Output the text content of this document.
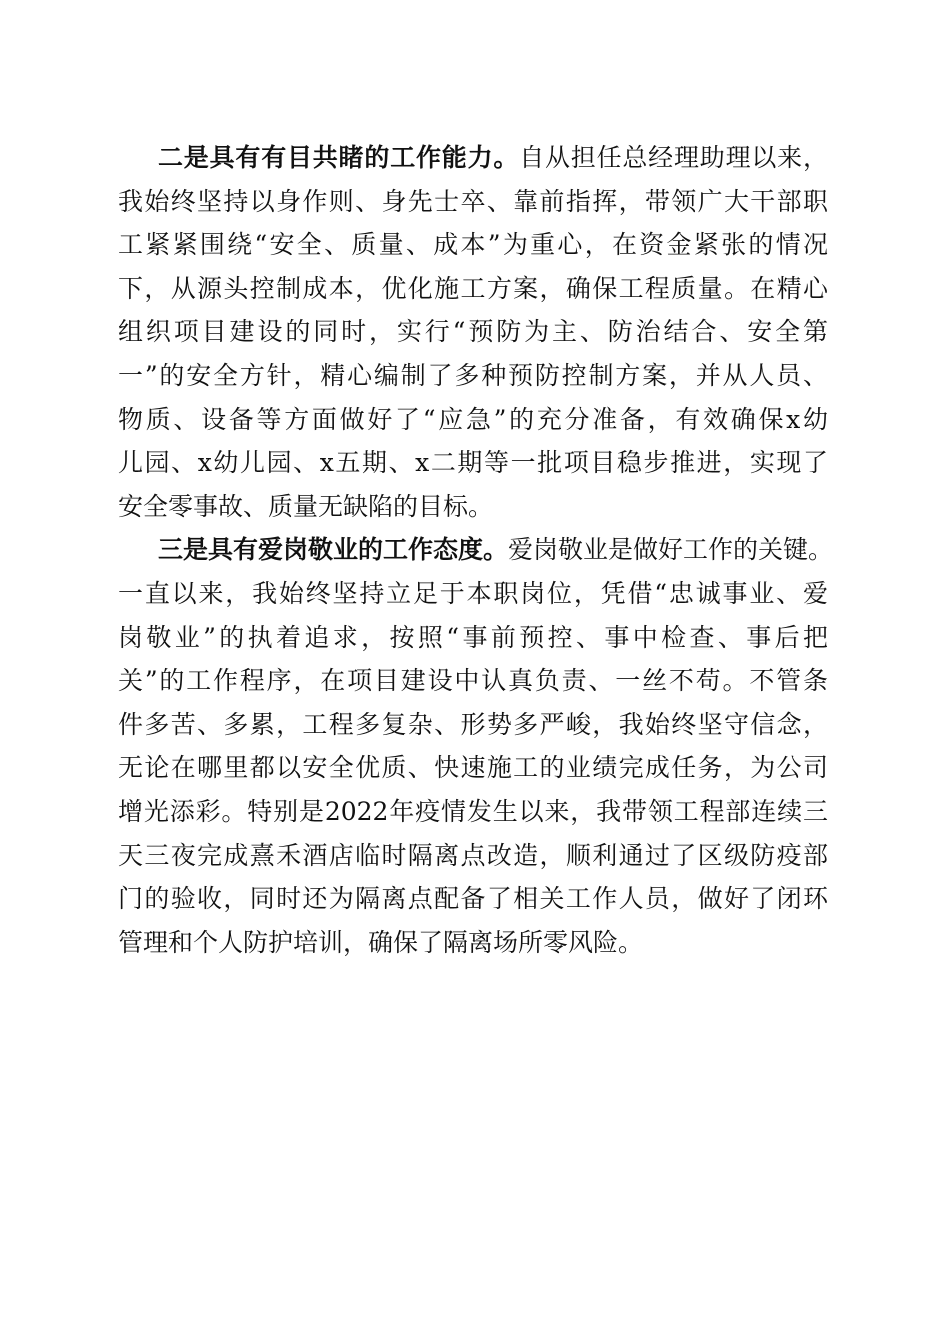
二是具有有目共睹的工作能力。自从担任总经理助理以来，
我始终坚持以身作则、身先士卒、靠前指挥，带领广大干部职
工紧紧围绕“安全、质量、成本”为重心，在资金紧张的情况
下，从源头控制成本，优化施工方案，确保工程质量。在精心
组织项目建设的同时，实行“预防为主、防治结合、安全第
一”的安全方针，精心编制了多种预防控制方案，并从人员、
物质、设备等方面做好了“应急”的充分准备，有效确保x幼
儿园、x幼儿园、x五期、x二期等一批项目稳步推进，实现了
安全零事故、质量无缺陷的目标。
三是具有爱岗敬业的工作态度。爱岗敬业是做好工作的关键。
一直以来，我始终坚持立足于本职岗位，凭借“忠诚事业、爱
岗敬业”的执着追求，按照“事前预控、事中检查、事后把
关”的工作程序，在项目建设中认真负责、一丝不苟。不管条
件多苦、多累，工程多复杂、形势多严峻，我始终坚守信念，
无论在哪里都以安全优质、快速施工的业绩完成任务，为公司
增光添彩。特别是2022年疫情发生以来，我带领工程部连续三
天三夜完成熹禾酒店临时隔离点改造，顺利通过了区级防疫部
门的验收，同时还为隔离点配备了相关工作人员，做好了闭环
管理和个人防护培训，确保了隔离场所零风险。
